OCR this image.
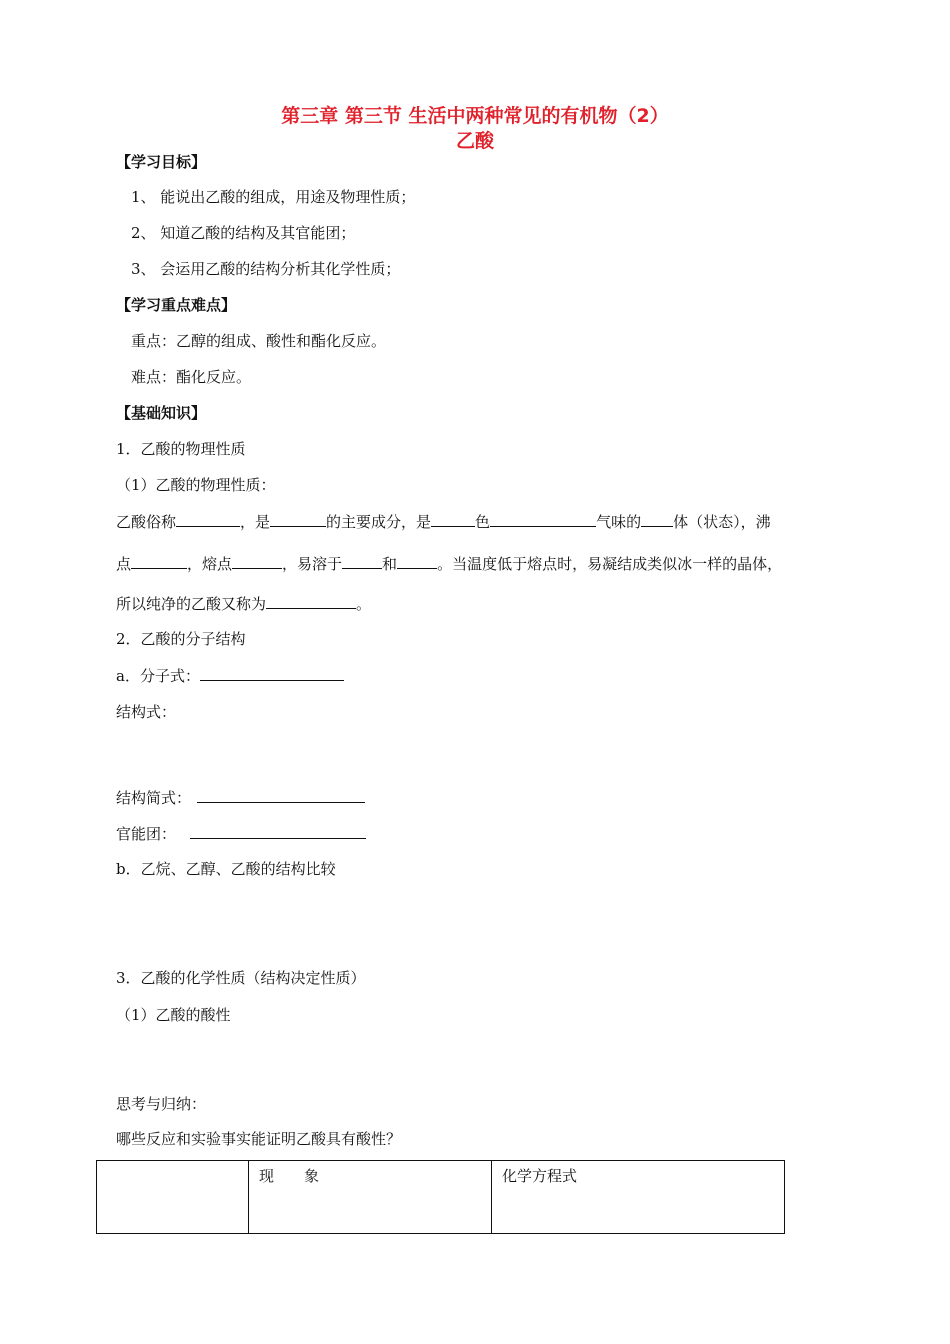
第三章 第三节 生活中两种常见的有机物（2）
乙酸
【学习目标】
1、 能说出乙酸的组成，用途及物理性质；
2、 知道乙酸的结构及其官能团；
3、 会运用乙酸的结构分析其化学性质；
【学习重点难点】
重点：乙醇的组成、酸性和酯化反应。
难点：酯化反应。
【基础知识】
1．乙酸的物理性质
（1）乙酸的物理性质：
乙酸俗称	，是	的主要成分，是	色	气味的 体（状态），沸
点	，熔点	，易溶于	和	。当温度低于熔点时，易凝结成类似冰一样的晶体，
所以纯净的乙酸又称为	。
2．乙酸的分子结构
a．分子式：
结构式：
结构简式：
官能团：
b．乙烷、乙醇、乙酸的结构比较
3．乙酸的化学性质（结构决定性质）
（1）乙酸的酸性
思考与归纳：
哪些反应和实验事实能证明乙酸具有酸性？
	现　　象	化学方程式
